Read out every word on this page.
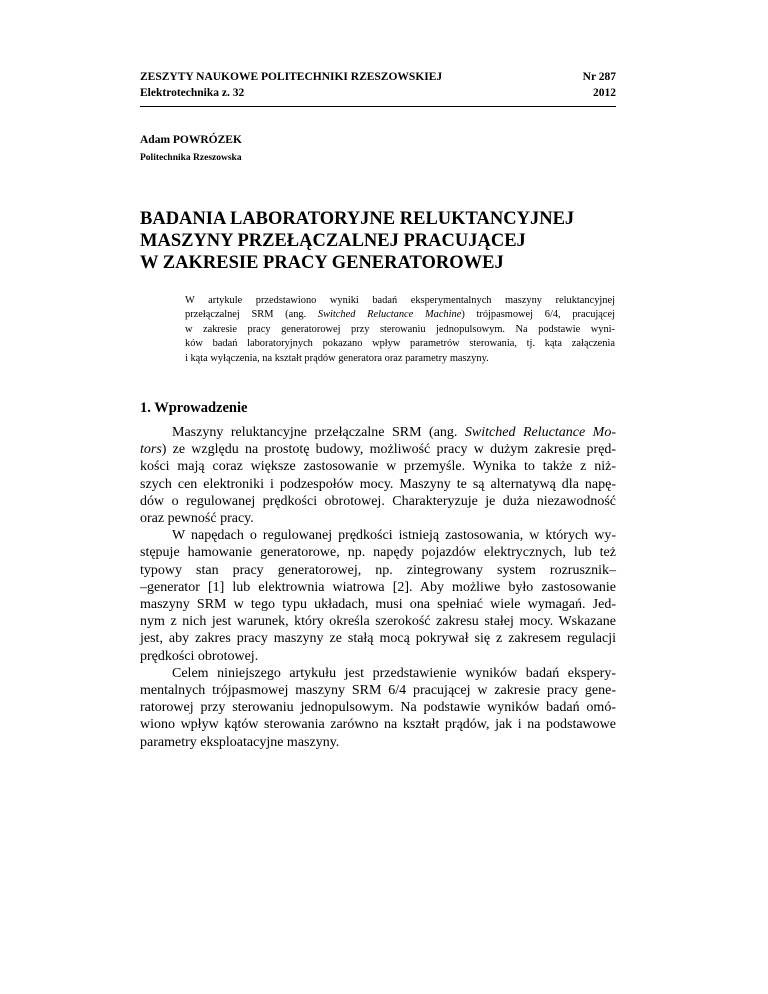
ZESZYTY NAUKOWE POLITECHNIKI RZESZOWSKIEJ	Nr 287
Elektrotechnika z. 32	2012
Adam POWRÓZEK
Politechnika Rzeszowska
BADANIA LABORATORYJNE RELUKTANCYJNEJ
MASZYNY PRZEŁĄCZALNEJ PRACUJĄCEJ
W ZAKRESIE PRACY GENERATOROWEJ
W artykule przedstawiono wyniki badań eksperymentalnych maszyny reluktancyjnej
przełączalnej SRM (ang. Switched Reluctance Machine) trójpasmowej 6/4, pracującej
w zakresie pracy generatorowej przy sterowaniu jednopulsowym. Na podstawie wyni-
ków badań laboratoryjnych pokazano wpływ parametrów sterowania, tj. kąta załączenia
i kąta wyłączenia, na kształt prądów generatora oraz parametry maszyny.
1. Wprowadzenie
Maszyny reluktancyjne przełączalne SRM (ang. Switched Reluctance Mo-
tors) ze względu na prostotę budowy, możliwość pracy w dużym zakresie pręd-
kości mają coraz większe zastosowanie w przemyśle. Wynika to także z niż-
szych cen elektroniki i podzespołów mocy. Maszyny te są alternatywą dla napę-
dów o regulowanej prędkości obrotowej. Charakteryzuje je duża niezawodność
oraz pewność pracy.
W napędach o regulowanej prędkości istnieją zastosowania, w których wy-
stępuje hamowanie generatorowe, np. napędy pojazdów elektrycznych, lub też
typowy stan pracy generatorowej, np. zintegrowany system rozrusznik–
–generator [1] lub elektrownia wiatrowa [2]. Aby możliwe było zastosowanie
maszyny SRM w tego typu układach, musi ona spełniać wiele wymagań. Jed-
nym z nich jest warunek, który określa szerokość zakresu stałej mocy. Wskazane
jest, aby zakres pracy maszyny ze stałą mocą pokrywał się z zakresem regulacji
prędkości obrotowej.
Celem niniejszego artykułu jest przedstawienie wyników badań ekspery-
mentalnych trójpasmowej maszyny SRM 6/4 pracującej w zakresie pracy gene-
ratorowej przy sterowaniu jednopulsowym. Na podstawie wyników badań omó-
wiono wpływ kątów sterowania zarówno na kształt prądów, jak i na podstawowe
parametry eksploatacyjne maszyny.
